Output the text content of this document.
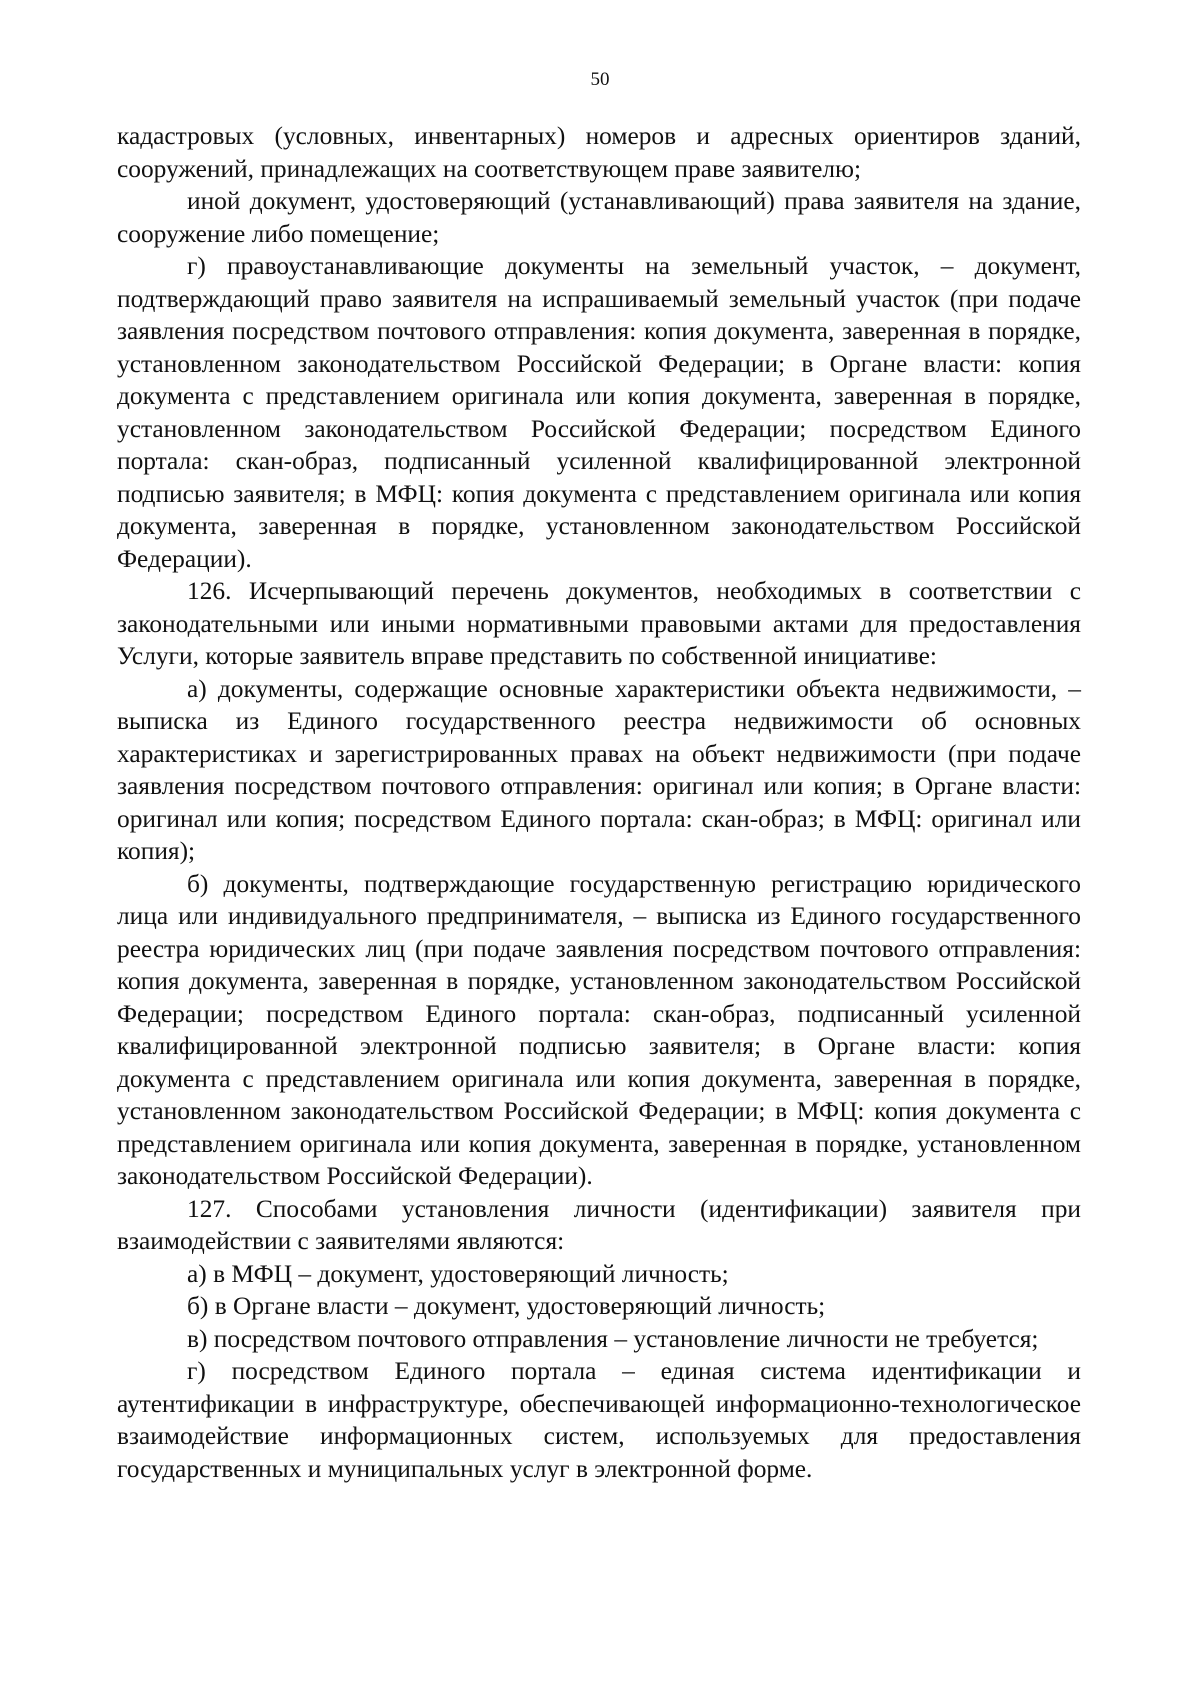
50

кадастровых (условных, инвентарных) номеров и адресных ориентиров зданий, сооружений, принадлежащих на соответствующем праве заявителю;

иной документ, удостоверяющий (устанавливающий) права заявителя на здание, сооружение либо помещение;

г) правоустанавливающие документы на земельный участок, – документ, подтверждающий право заявителя на испрашиваемый земельный участок (при подаче заявления посредством почтового отправления: копия документа, заверенная в порядке, установленном законодательством Российской Федерации; в Органе власти: копия документа с представлением оригинала или копия документа, заверенная в порядке, установленном законодательством Российской Федерации; посредством Единого портала: скан-образ, подписанный усиленной квалифицированной электронной подписью заявителя; в МФЦ: копия документа с представлением оригинала или копия документа, заверенная в порядке, установленном законодательством Российской Федерации).

126. Исчерпывающий перечень документов, необходимых в соответствии с законодательными или иными нормативными правовыми актами для предоставления Услуги, которые заявитель вправе представить по собственной инициативе:

а) документы, содержащие основные характеристики объекта недвижимости, – выписка из Единого государственного реестра недвижимости об основных характеристиках и зарегистрированных правах на объект недвижимости (при подаче заявления посредством почтового отправления: оригинал или копия; в Органе власти: оригинал или копия; посредством Единого портала: скан-образ; в МФЦ: оригинал или копия);

б) документы, подтверждающие государственную регистрацию юридического лица или индивидуального предпринимателя, – выписка из Единого государственного реестра юридических лиц (при подаче заявления посредством почтового отправления: копия документа, заверенная в порядке, установленном законодательством Российской Федерации; посредством Единого портала: скан-образ, подписанный усиленной квалифицированной электронной подписью заявителя; в Органе власти: копия документа с представлением оригинала или копия документа, заверенная в порядке, установленном законодательством Российской Федерации; в МФЦ: копия документа с представлением оригинала или копия документа, заверенная в порядке, установленном законодательством Российской Федерации).

127. Способами установления личности (идентификации) заявителя при взаимодействии с заявителями являются:

а) в МФЦ – документ, удостоверяющий личность;

б) в Органе власти – документ, удостоверяющий личность;

в) посредством почтового отправления – установление личности не требуется;

г) посредством Единого портала – единая система идентификации и аутентификации в инфраструктуре, обеспечивающей информационно-технологическое взаимодействие информационных систем, используемых для предоставления государственных и муниципальных услуг в электронной форме.
